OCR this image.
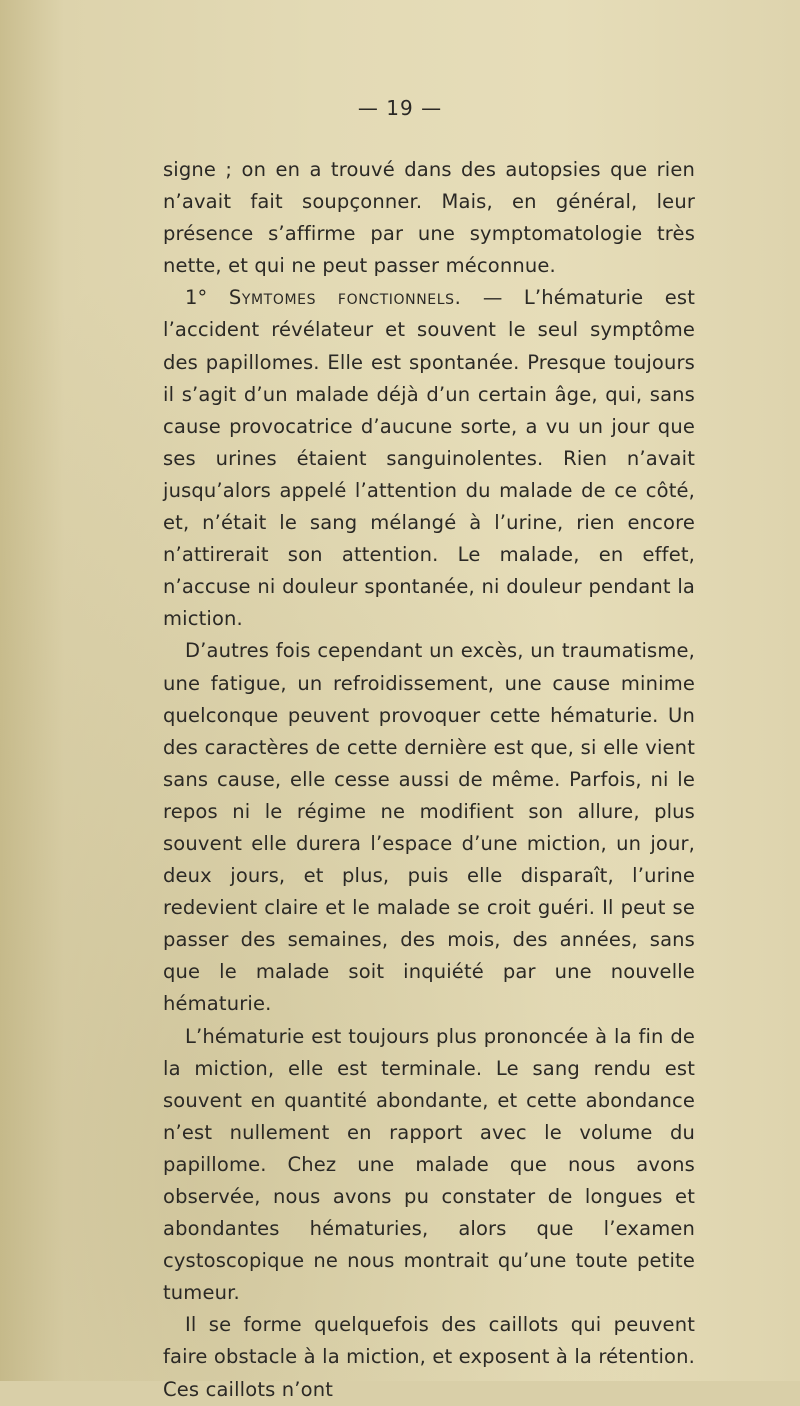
— 19 —

signe ; on en a trouvé dans des autopsies que rien n’avait fait soupçonner. Mais, en général, leur présence s’affirme par une symptomatologie très nette, et qui ne peut passer méconnue.

1° Symtomes fonctionnels. — L’hématurie est l’accident révélateur et souvent le seul symptôme des papillomes. Elle est spontanée. Presque toujours il s’agit d’un malade déjà d’un certain âge, qui, sans cause provocatrice d’aucune sorte, a vu un jour que ses urines étaient sanguinolentes. Rien n’avait jusqu’alors appelé l’attention du malade de ce côté, et, n’était le sang mélangé à l’urine, rien encore n’attirerait son attention. Le malade, en effet, n’accuse ni douleur spontanée, ni douleur pendant la miction.

D’autres fois cependant un excès, un traumatisme, une fatigue, un refroidissement, une cause minime quelconque peuvent provoquer cette hématurie. Un des caractères de cette dernière est que, si elle vient sans cause, elle cesse aussi de même. Parfois, ni le repos ni le régime ne modifient son allure, plus souvent elle durera l’espace d’une miction, un jour, deux jours, et plus, puis elle disparaît, l’urine redevient claire et le malade se croit guéri. Il peut se passer des semaines, des mois, des années, sans que le malade soit inquiété par une nouvelle hématurie.

L’hématurie est toujours plus prononcée à la fin de la miction, elle est terminale. Le sang rendu est souvent en quantité abondante, et cette abondance n’est nullement en rapport avec le volume du papillome. Chez une malade que nous avons observée, nous avons pu constater de longues et abondantes hématuries, alors que l’examen cystoscopique ne nous montrait qu’une toute petite tumeur.

Il se forme quelquefois des caillots qui peuvent faire obstacle à la miction, et exposent à la rétention. Ces caillots n’ont
